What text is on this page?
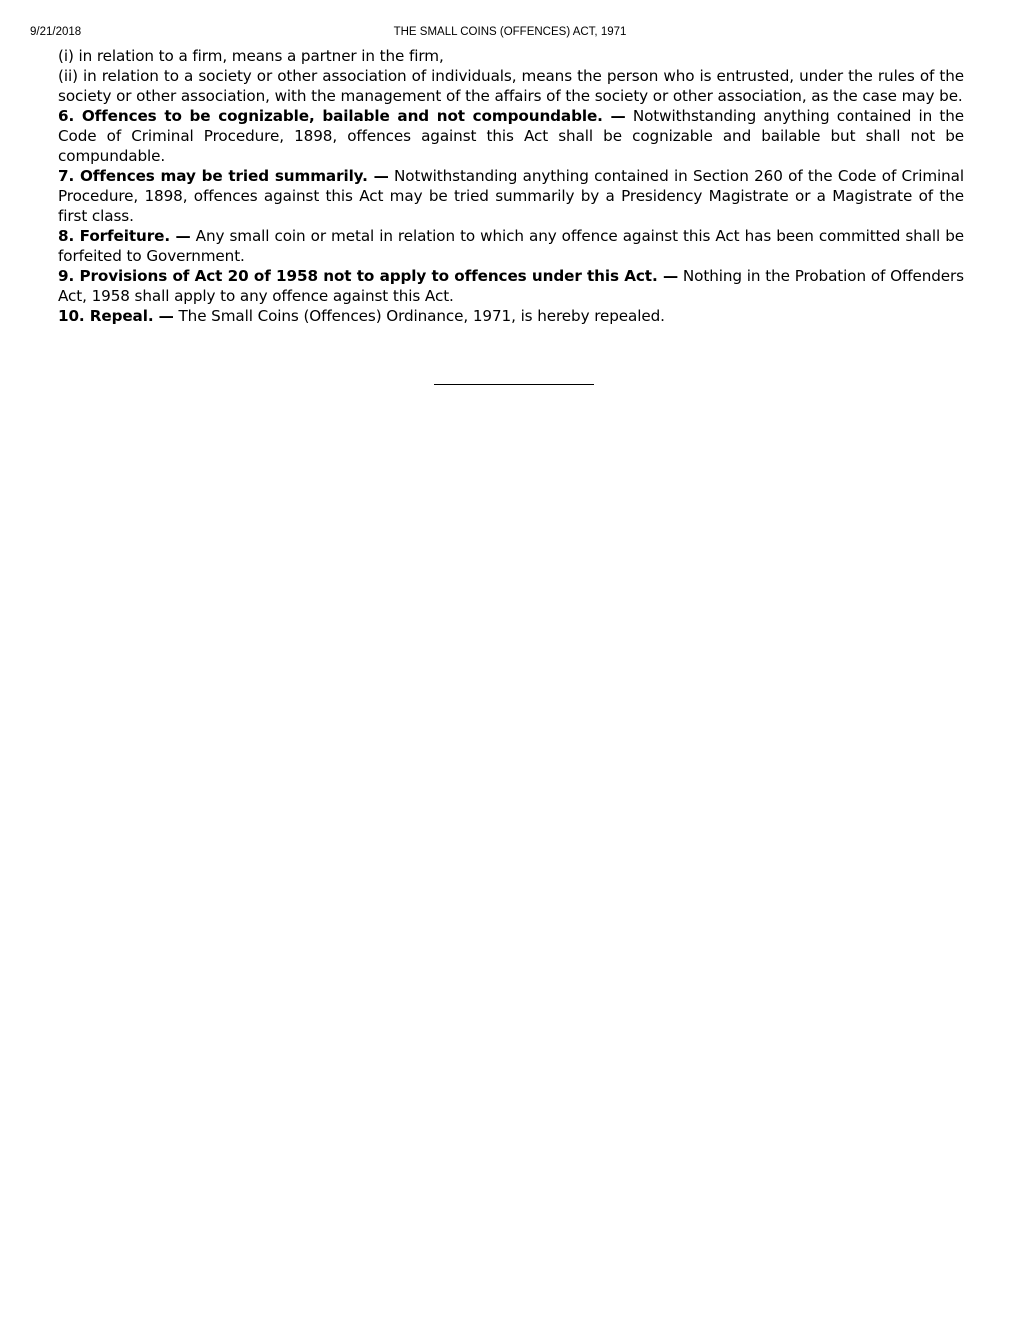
9/21/2018	THE SMALL COINS (OFFENCES) ACT, 1971

(i) in relation to a firm, means a partner in the firm,

(ii) in relation to a society or other association of individuals, means the person who is entrusted, under the rules of the society or other association, with the management of the affairs of the society or other association, as the case may be.

6. Offences to be cognizable, bailable and not compoundable. — Notwithstanding anything contained in the Code of Criminal Procedure, 1898, offences against this Act shall be cognizable and bailable but shall not be compundable.

7. Offences may be tried summarily. — Notwithstanding anything contained in Section 260 of the Code of Criminal Procedure, 1898, offences against this Act may be tried summarily by a Presidency Magistrate or a Magistrate of the first class.

8. Forfeiture. — Any small coin or metal in relation to which any offence against this Act has been committed shall be forfeited to Government.

9. Provisions of Act 20 of 1958 not to apply to offences under this Act. — Nothing in the Probation of Offenders Act, 1958 shall apply to any offence against this Act.

10. Repeal. — The Small Coins (Offences) Ordinance, 1971, is hereby repealed.
